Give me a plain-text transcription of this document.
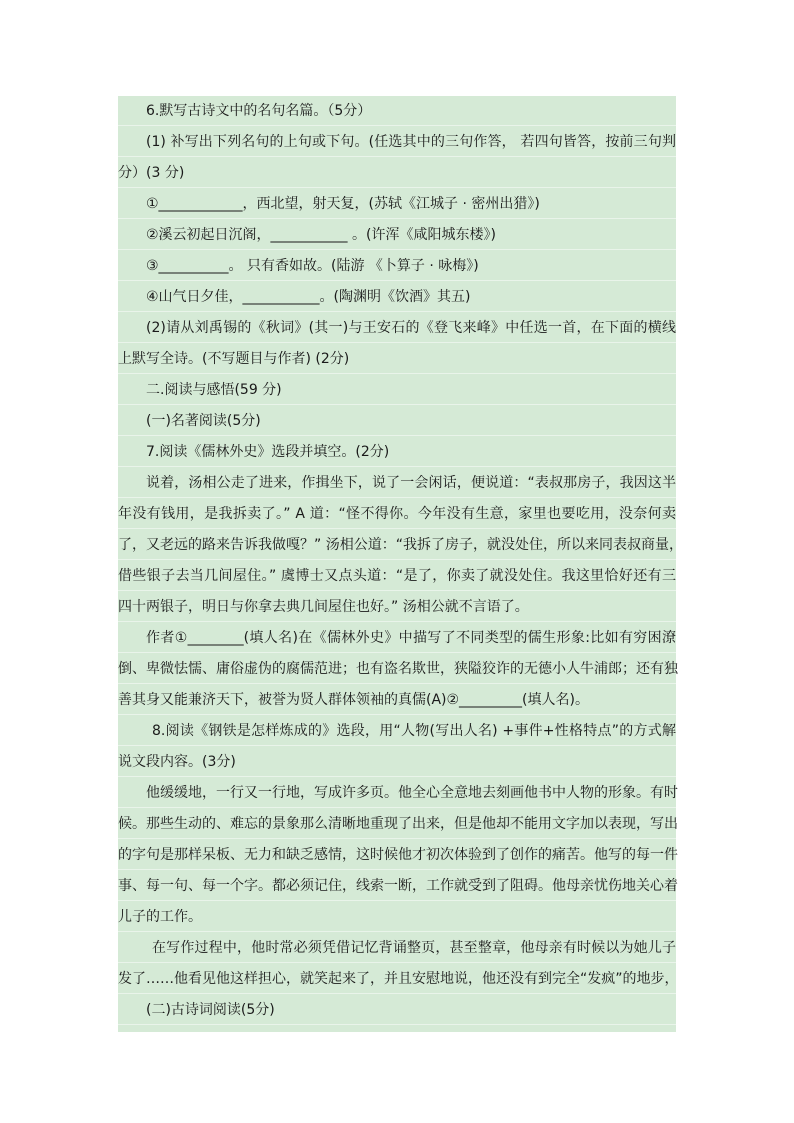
6.默写古诗文中的名句名篇。（5分）
(1) 补写出下列名句的上句或下句。(任选其中的三句作答， 若四句皆答，按前三句判
分）(3 分)
①____________，西北望，射天复，(苏轼《江城子 · 密州出猎》)
②溪云初起日沉阁，___________ 。(许浑《咸阳城东楼》)
③__________。 只有香如故。(陆游 《卜算子 · 咏梅》)
④山气日夕佳，___________。(陶渊明《饮酒》其五)
(2)请从刘禹锡的《秋词》(其一)与王安石的《登飞来峰》中任选一首，在下面的横线
上默写全诗。(不写题目与作者) (2分)
二.阅读与感悟(59 分)
(一)名著阅读(5分)
7.阅读《儒林外史》选段并填空。(2分)
说着，汤相公走了进来，作揖坐下，说了一会闲话，便说道：“表叔那房子，我因这半
年没有钱用，是我拆卖了。” A 道：“怪不得你。今年没有生意，家里也要吃用，没奈何卖
了，又老远的路来告诉我做嘎？” 汤相公道：“我拆了房子，就没处住，所以来同表叔商量，
借些银子去当几间屋住。” 虞博士又点头道：“是了，你卖了就没处住。我这里恰好还有三
四十两银子，明日与你拿去典几间屋住也好。” 汤相公就不言语了。
作者①________(填人名)在《儒林外史》中描写了不同类型的儒生形象:比如有穷困潦
倒、卑微怯懦、庸俗虚伪的腐儒范进；也有盗名欺世，狭隘狡诈的无德小人牛浦郎；还有独
善其身又能兼济天下，被誉为贤人群体领袖的真儒(A)②_________(填人名)。
8.阅读《钢铁是怎样炼成的》选段，用“人物(写出人名) +事件+性格特点”的方式解
说文段内容。(3分)
他缓缓地，一行又一行地，写成许多页。他全心全意地去刻画他书中人物的形象。有时
候。那些生动的、难忘的景象那么清晰地重现了出来，但是他却不能用文字加以表现，写出
的字句是那样呆板、无力和缺乏感情，这时候他才初次体验到了创作的痛苦。他写的每一件
事、每一句、每一个字。都必须记住，线索一断，工作就受到了阻碍。他母亲忧伤地关心着
儿子的工作。
在写作过程中，他时常必须凭借记忆背诵整页，甚至整章，他母亲有时候以为她儿子
发了……他看见他这样担心，就笑起来了，并且安慰地说，他还没有到完全“发疯”的地步，
(二)古诗词阅读(5分)
